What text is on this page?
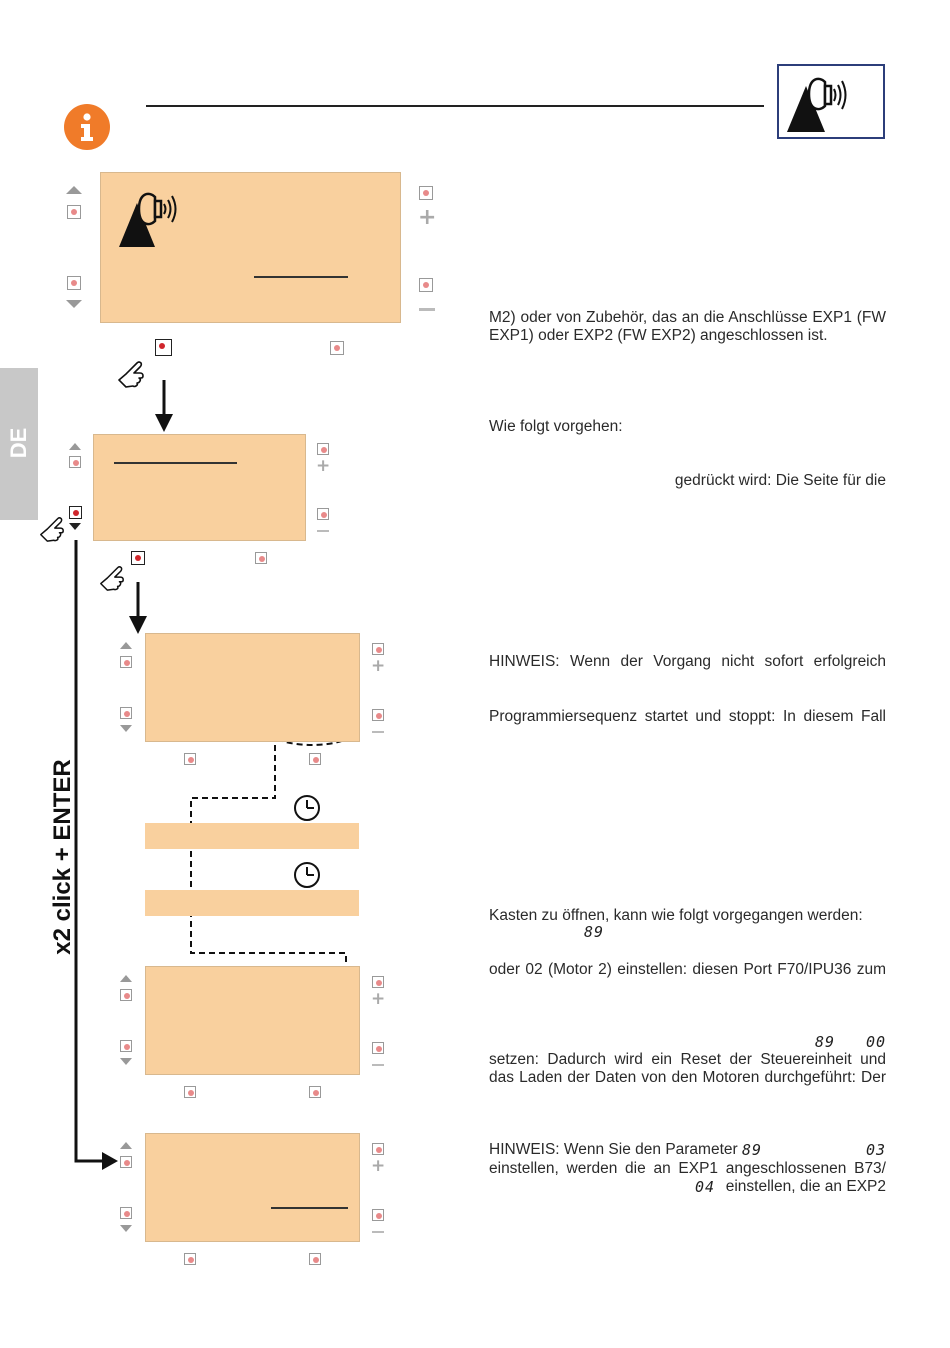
DE
x2 click + ENTER
+
+
+
+
+
M2) oder von Zubehör, das an die Anschlüsse EXP1 (FW EXP1) oder EXP2 (FW EXP2) angeschlossen ist.
Wie folgt vorgehen:
gedrückt wird: Die Seite für die
HINWEIS: Wenn der Vorgang nicht sofort erfolgreich
Programmiersequenz startet und stoppt: In diesem Fall
Kasten zu öffnen, kann wie folgt vorgegangen werden:
89
oder 02 (Motor 2) einstellen: diesen Port F70/IPU36 zum
89 00
setzen: Dadurch wird ein Reset der Steuereinheit und
das Laden der Daten von den Motoren durchgeführt: Der
HINWEIS: Wenn Sie den Parameter 89	03
einstellen, werden die an EXP1 angeschlossenen B73/
04 einstellen, die an EXP2
